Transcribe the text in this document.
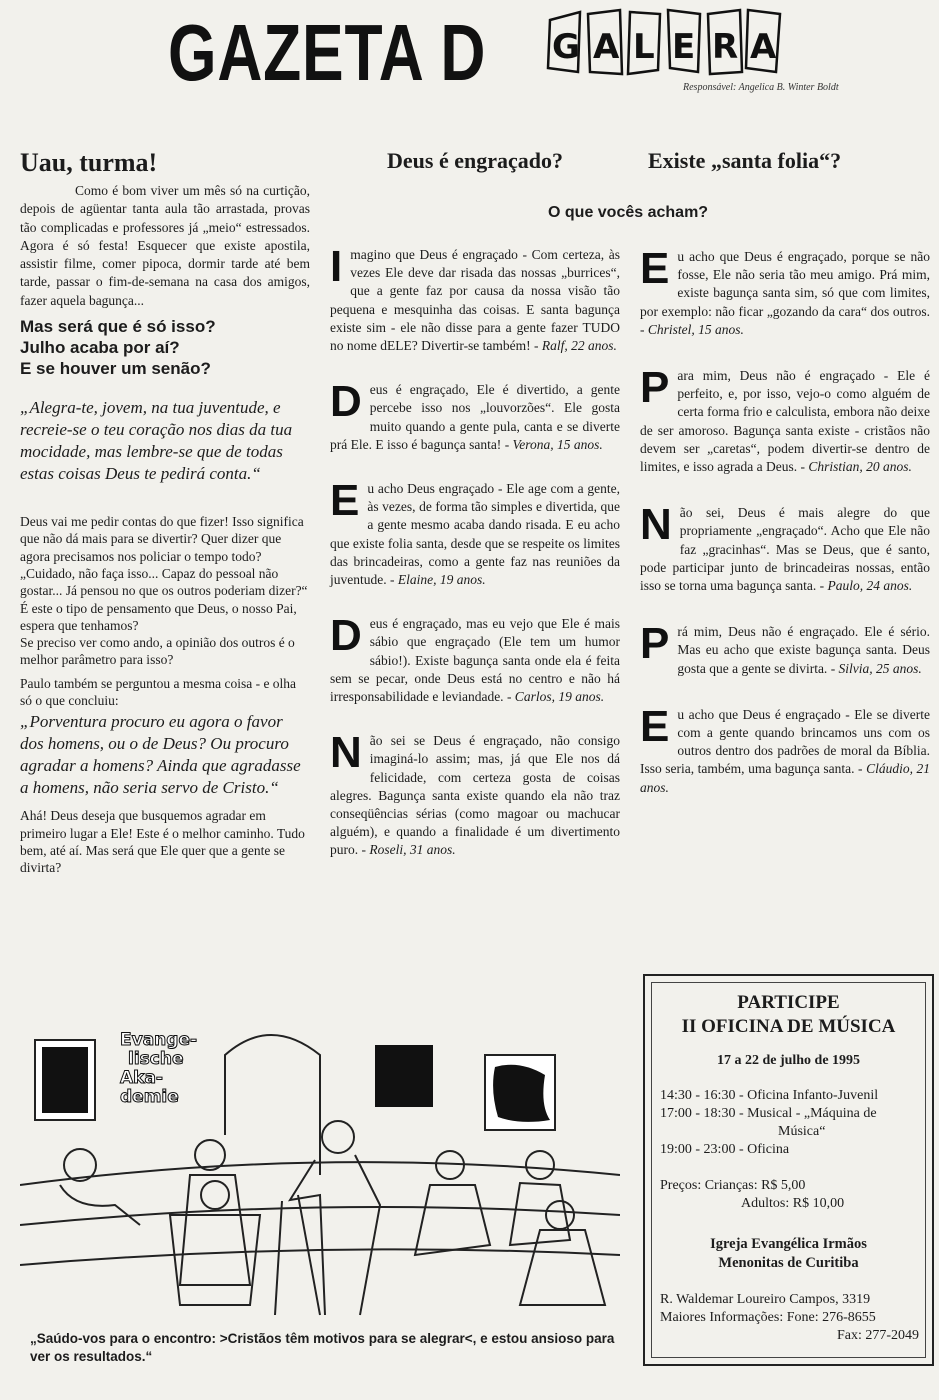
GAZETA D G A L E R A
Responsável: Angelica B. Winter Boldt
Uau, turma!

Como é bom viver um mês só na curtição, depois de agüentar tanta aula tão arrastada, provas tão complicadas e professores já „meio“ estressados. Agora é só festa! Esquecer que existe apostila, assistir filme, comer pipoca, dormir tarde até bem tarde, passar o fim-de-semana na casa dos amigos, fazer aquela bagunça...

Mas será que é só isso?
Julho acaba por aí?
E se houver um senão?

„Alegra-te, jovem, na tua juventude, e recreie-se o teu coração nos dias da tua mocidade, mas lembre-se que de todas estas coisas Deus te pedirá conta.“

Deus vai me pedir contas do que fizer! Isso significa que não dá mais para se divertir? Quer dizer que agora precisamos nos policiar o tempo todo?

„Cuidado, não faça isso... Capaz do pessoal não gostar... Já pensou no que os outros poderiam dizer?“

É este o tipo de pensamento que Deus, o nosso Pai, espera que tenhamos?

Se preciso ver como ando, a opinião dos outros é o melhor parâmetro para isso?

Paulo também se perguntou a mesma coisa - e olha só o que concluiu:

„Porventura procuro eu agora o favor dos homens, ou o de Deus? Ou procuro agradar a homens? Ainda que agradasse a homens, não seria servo de Cristo.“

Ahá! Deus deseja que busquemos agradar em primeiro lugar a Ele! Este é o melhor caminho. Tudo bem, até aí. Mas será que Ele quer que a gente se divirta?

Deus é engraçado?
Imagino que Deus é engraçado - Com certeza, às vezes Ele deve dar risada das nossas „burrices“, que a gente faz por causa da nossa visão tão pequena e mesquinha das coisas. E santa bagunça existe sim - ele não disse para a gente fazer TUDO no nome dELE? Divertir-se também! - Ralf, 22 anos.
Deus é engraçado, Ele é divertido, a gente percebe isso nos „louvorzões“. Ele gosta muito quando a gente pula, canta e se diverte prá Ele. E isso é bagunça santa! - Verona, 15 anos.
Eu acho Deus engraçado - Ele age com a gente, às vezes, de forma tão simples e divertida, que a gente mesmo acaba dando risada. E eu acho que existe folia santa, desde que se respeite os limites das brincadeiras, como a gente faz nas reuniões da juventude. - Elaine, 19 anos.
Deus é engraçado, mas eu vejo que Ele é mais sábio que engraçado (Ele tem um humor sábio!). Existe bagunça santa onde ela é feita sem se pecar, onde Deus está no centro e não há irresponsabilidade e leviandade. - Carlos, 19 anos.
Não sei se Deus é engraçado, não consigo imaginá-lo assim; mas, já que Ele nos dá felicidade, com certeza gosta de coisas alegres. Bagunça santa existe quando ela não traz conseqüências sérias (como magoar ou machucar alguém), e quando a finalidade é um divertimento puro. - Roseli, 31 anos.
O que vocês acham?
Existe „santa folia“?
Eu acho que Deus é engraçado, porque se não fosse, Ele não seria tão meu amigo. Prá mim, existe bagunça santa sim, só que com limites, por exemplo: não ficar „gozando da cara“ dos outros. - Christel, 15 anos.
Para mim, Deus não é engraçado - Ele é perfeito, e, por isso, vejo-o como alguém de certa forma frio e calculista, embora não deixe de ser amoroso. Bagunça santa existe - cristãos não devem ser „caretas“, podem divertir-se dentro de limites, e isso agrada a Deus. - Christian, 20 anos.
Não sei, Deus é mais alegre do que propriamente „engraçado“. Acho que Ele não faz „gracinhas“. Mas se Deus, que é santo, pode participar junto de brincadeiras nossas, então isso se torna uma bagunça santa. - Paulo, 24 anos.
Prá mim, Deus não é engraçado. Ele é sério. Mas eu acho que existe bagunça santa. Deus gosta que a gente se divirta. - Silvia, 25 anos.
Eu acho que Deus é engraçado - Ele se diverte com a gente quando brincamos uns com os outros dentro dos padrões de moral da Bíblia. Isso seria, também, uma bagunça santa. - Cláudio, 21 anos.
Evange-
lische
Aka-
demie
„Saúdo-vos para o encontro: >Cristãos têm motivos para se alegrar<, e estou ansioso para ver os resultados.“
PARTICIPE
II OFICINA DE MÚSICA
17 a 22 de julho de 1995
14:30 - 16:30 - Oficina Infanto-Juvenil
17:00 - 18:30 - Musical - „Máquina de
Música“
19:00 - 23:00 - Oficina
Preços: Crianças: R$ 5,00
Adultos: R$ 10,00
Igreja Evangélica Irmãos
Menonitas de Curitiba
R. Waldemar Loureiro Campos, 3319
Maiores Informações: Fone: 276-8655
Fax: 277-2049
